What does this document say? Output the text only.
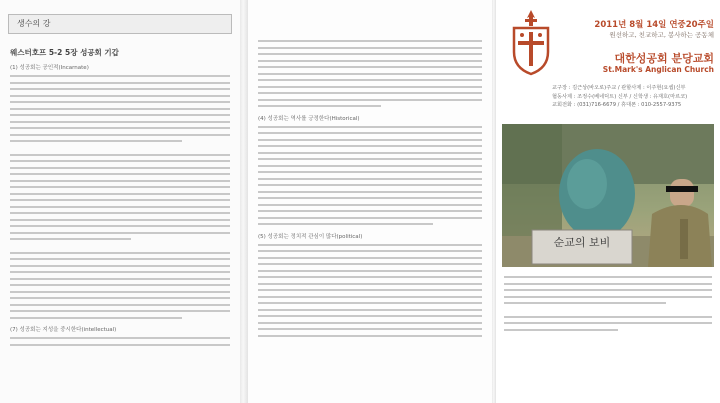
생수의 강
웨스터호프 5-2 5장 성공회 기갑
(1) 성공회는 공인적(Incarnate)
(7) 성공회는 지성을 중시한다(intellectual)
(4) 성공회는 역사를 긍정한다(Historical)
(5) 성공회는 정치적 관심이 많다(political)
2011년 8월 14일 연중20주일
원선하고, 친교하고, 봉사하는 공동체
대한성공회 분당교회
St.Mark's Anglican Church
교구장 : 김근상(바오로)주교 / 관할사제 : 이주현(요셉)신부
협동사제 : 조정수(베네딕트) 신부 / 신학생 : 유재호(마르코)
교회전화 : (031)716-6679 / 휴대폰 : 010-2557-9375
순교의 보비
